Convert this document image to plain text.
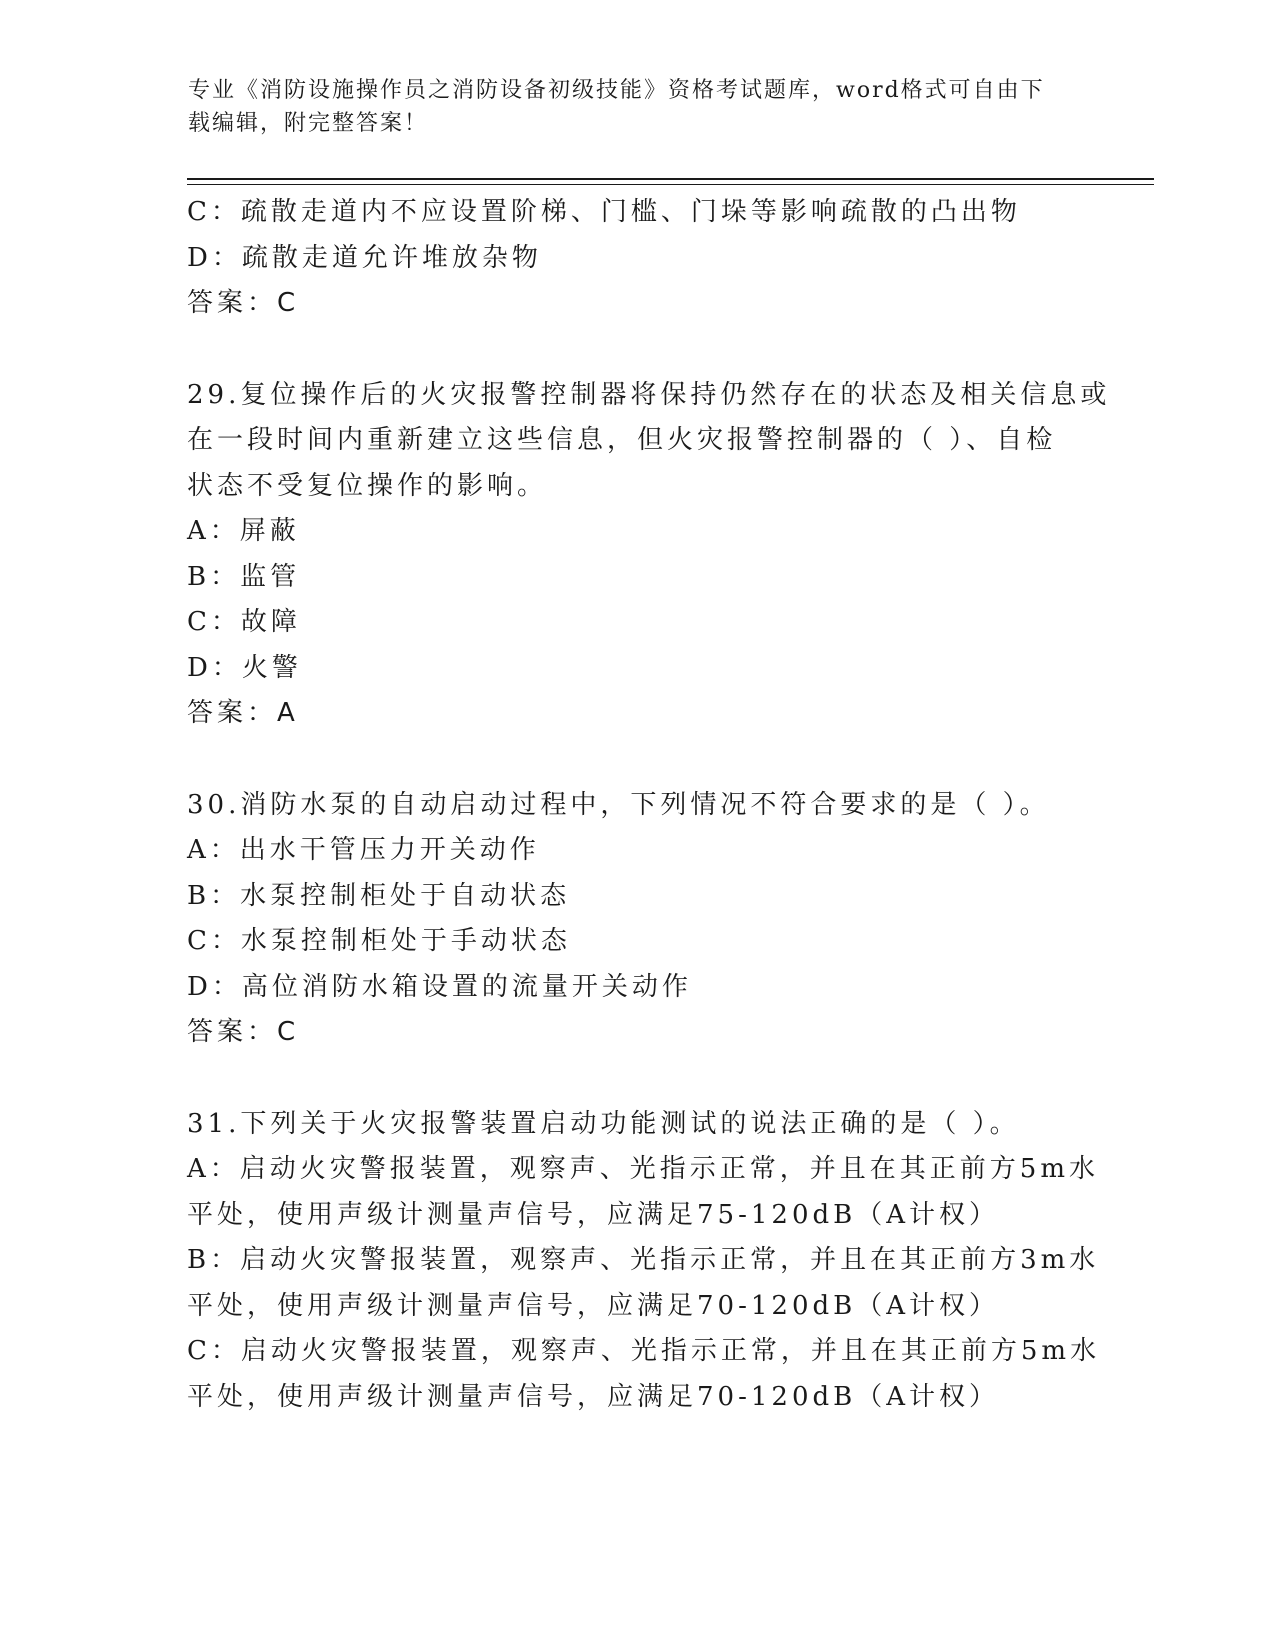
专业《消防设施操作员之消防设备初级技能》资格考试题库，word格式可自由下
载编辑，附完整答案！
C：疏散走道内不应设置阶梯、门槛、门垛等影响疏散的凸出物
D：疏散走道允许堆放杂物
答案：C
29.复位操作后的火灾报警控制器将保持仍然存在的状态及相关信息或
在一段时间内重新建立这些信息，但火灾报警控制器的（ ）、自检
状态不受复位操作的影响。
A：屏蔽
B：监管
C：故障
D：火警
答案：A
30.消防水泵的自动启动过程中，下列情况不符合要求的是（ ）。
A：出水干管压力开关动作
B：水泵控制柜处于自动状态
C：水泵控制柜处于手动状态
D：高位消防水箱设置的流量开关动作
答案：C
31.下列关于火灾报警装置启动功能测试的说法正确的是（ ）。
A：启动火灾警报装置，观察声、光指示正常，并且在其正前方5m水
平处，使用声级计测量声信号，应满足75-120dB（A计权）
B：启动火灾警报装置，观察声、光指示正常，并且在其正前方3m水
平处，使用声级计测量声信号，应满足70-120dB（A计权）
C：启动火灾警报装置，观察声、光指示正常，并且在其正前方5m水
平处，使用声级计测量声信号，应满足70-120dB（A计权）
